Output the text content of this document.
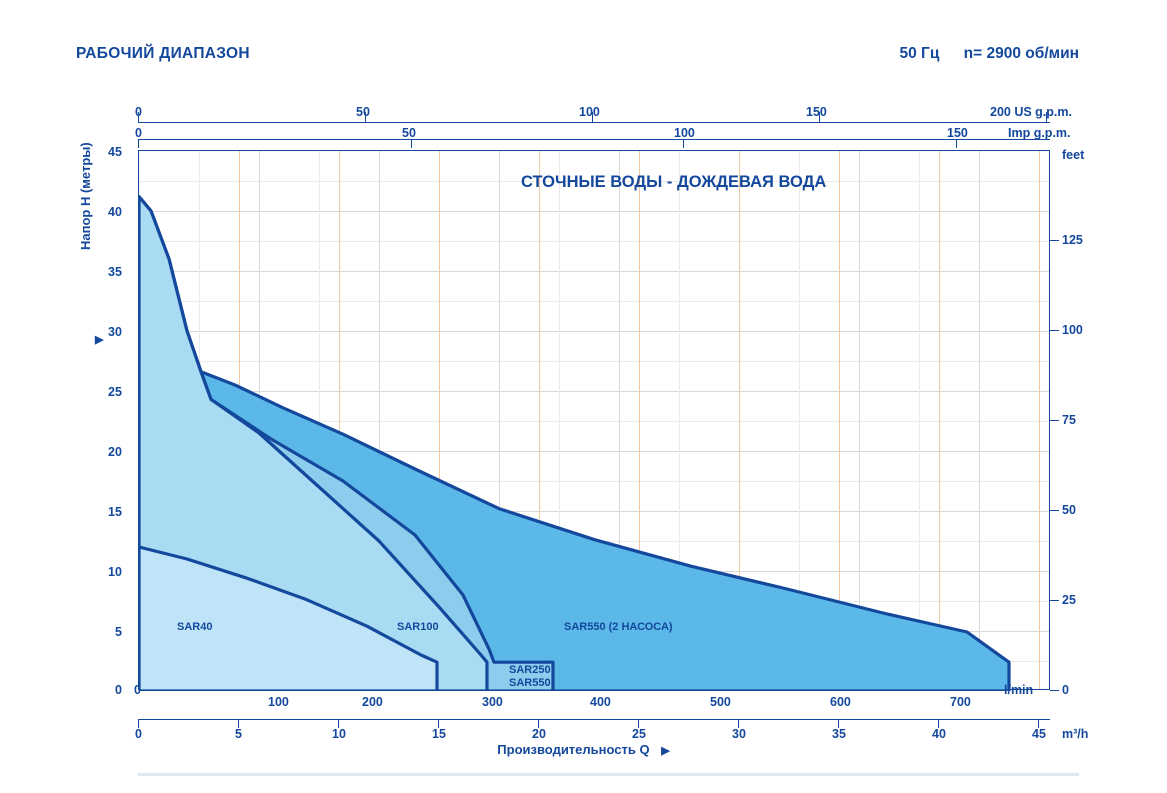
РАБОЧИЙ ДИАПАЗОН	50 Гц n= 2900 об/мин
0	50	100	150	200 US g.p.m.
0	50	100	150	Imp g.p.m.
Напор H (метры)
▶
45
40
35
30
25
20
15
10
5
0
feet
125
100
75
50
25
0
СТОЧНЫЕ ВОДЫ - ДОЖДЕВАЯ ВОДА
SAR40	SAR100
SAR250
SAR550
SAR550 (2 НАСОСА)
0
100	200	300	400	500	600	700
l/min
0	5	10	15	20	25	30	35	40	45 m³/h
Производительность Q ▶
